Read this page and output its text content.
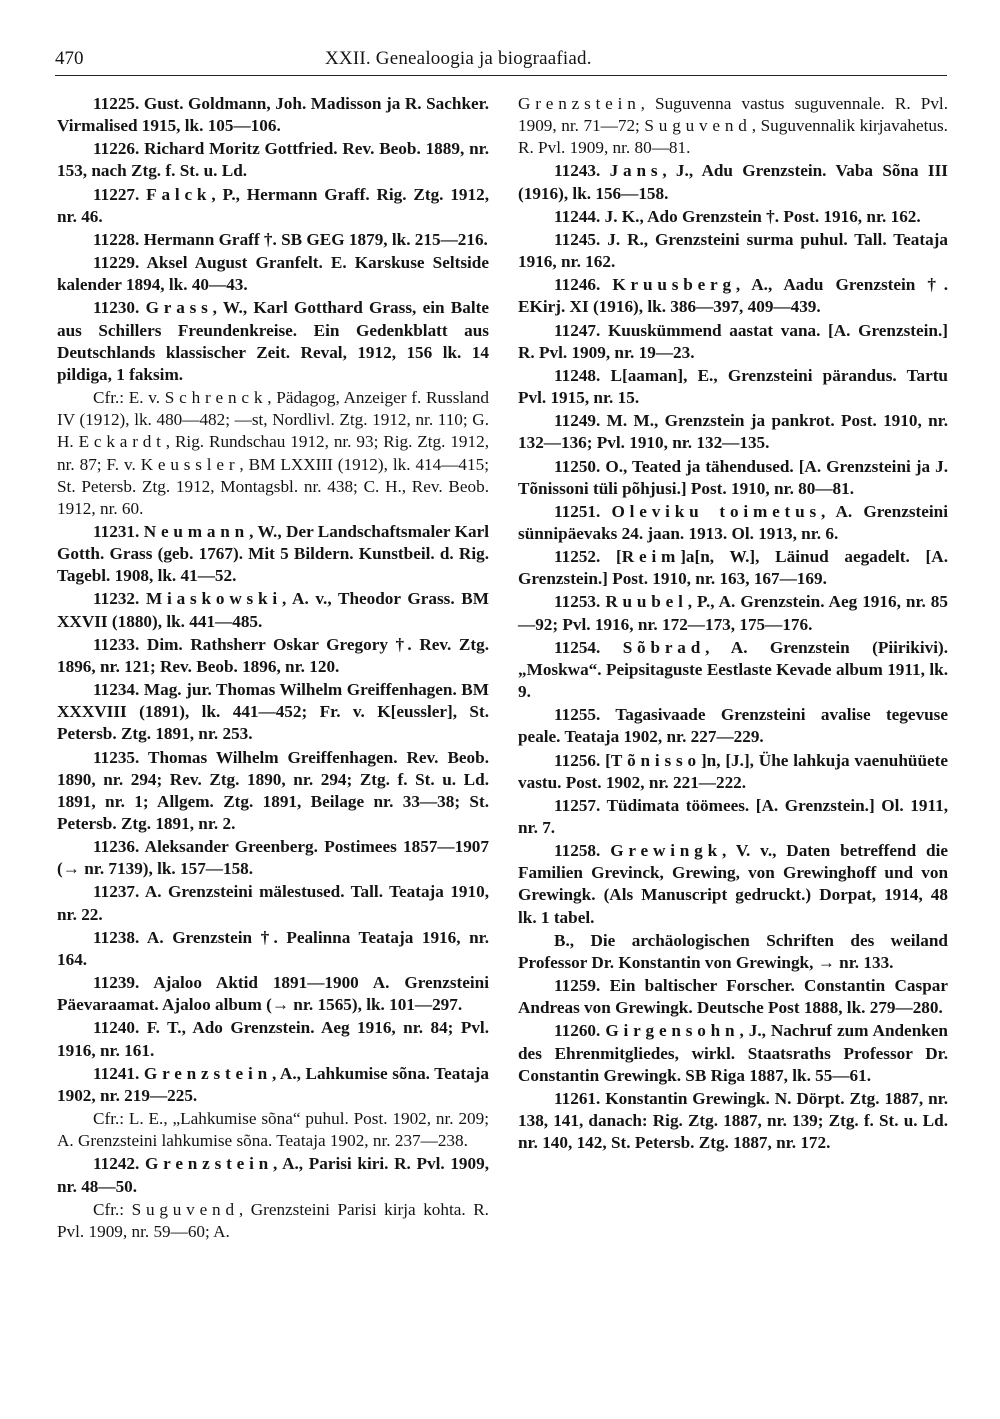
470	XXII. Genealoogia ja biograafiad.

11225. Gust. Goldmann, Joh. Madisson ja R. Sachker. Virmalised 1915, lk. 105—106.

11226. Richard Moritz Gottfried. Rev. Beob. 1889, nr. 153, nach Ztg. f. St. u. Ld.

11227. Falck, P., Hermann Graff. Rig. Ztg. 1912, nr. 46.

11228. Hermann Graff †. SB GEG 1879, lk. 215—216.

11229. Aksel August Granfelt. E. Karskuse Seltside kalender 1894, lk. 40—43.

11230. Grass, W., Karl Gotthard Grass, ein Balte aus Schillers Freundenkreise. Ein Gedenkblatt aus Deutschlands klassischer Zeit. Reval, 1912, 156 lk. 14 pildiga, 1 faksim.

Cfr.: E. v. Schrenck, Pädagog, Anzeiger f. Russland IV (1912), lk. 480—482; —st, Nordlivl. Ztg. 1912, nr. 110; G. H. Eckardt, Rig. Rundschau 1912, nr. 93; Rig. Ztg. 1912, nr. 87; F. v. Keussler, BM LXXIII (1912), lk. 414—415; St. Petersb. Ztg. 1912, Montagsbl. nr. 438; C. H., Rev. Beob. 1912, nr. 60.

11231. Neumann, W., Der Landschaftsmaler Karl Gotth. Grass (geb. 1767). Mit 5 Bildern. Kunstbeil. d. Rig. Tagebl. 1908, lk. 41—52.

11232. Miaskowski, A. v., Theodor Grass. BM XXVII (1880), lk. 441—485.

11233. Dim. Rathsherr Oskar Gregory †. Rev. Ztg. 1896, nr. 121; Rev. Beob. 1896, nr. 120.

11234. Mag. jur. Thomas Wilhelm Greiffenhagen. BM XXXVIII (1891), lk. 441—452; Fr. v. K[eussler], St. Petersb. Ztg. 1891, nr. 253.

11235. Thomas Wilhelm Greiffenhagen. Rev. Beob. 1890, nr. 294; Rev. Ztg. 1890, nr. 294; Ztg. f. St. u. Ld. 1891, nr. 1; Allgem. Ztg. 1891, Beilage nr. 33—38; St. Petersb. Ztg. 1891, nr. 2.

11236. Aleksander Greenberg. Postimees 1857—1907 (→ nr. 7139), lk. 157—158.

11237. A. Grenzsteini mälestused. Tall. Teataja 1910, nr. 22.

11238. A. Grenzstein †. Pealinna Teataja 1916, nr. 164.

11239. Ajaloo Aktid 1891—1900 A. Grenzsteini Päevaraamat. Ajaloo album (→ nr. 1565), lk. 101—297.

11240. F. T., Ado Grenzstein. Aeg 1916, nr. 84; Pvl. 1916, nr. 161.

11241. Grenzstein, A., Lahkumise sõna. Teataja 1902, nr. 219—225.

Cfr.: L. E., „Lahkumise sõna“ puhul. Post. 1902, nr. 209; A. Grenzsteini lahkumise sõna. Teataja 1902, nr. 237—238.

11242. Grenzstein, A., Parisi kiri. R. Pvl. 1909, nr. 48—50.

Cfr.: Suguvend, Grenzsteini Parisi kirja kohta. R. Pvl. 1909, nr. 59—60; A.

Grenzstein, Suguvenna vastus suguvennale. R. Pvl. 1909, nr. 71—72; Suguvend, Suguvennalik kirjavahetus. R. Pvl. 1909, nr. 80—81.

11243. Jans, J., Adu Grenzstein. Vaba Sõna III (1916), lk. 156—158.

11244. J. K., Ado Grenzstein †. Post. 1916, nr. 162.

11245. J. R., Grenzsteini surma puhul. Tall. Teataja 1916, nr. 162.

11246. Kruusberg, A., Aadu Grenzstein †. EKirj. XI (1916), lk. 386—397, 409—439.

11247. Kuuskümmend aastat vana. [A. Grenzstein.] R. Pvl. 1909, nr. 19—23.

11248. L[aaman], E., Grenzsteini pärandus. Tartu Pvl. 1915, nr. 15.

11249. M. M., Grenzstein ja pankrot. Post. 1910, nr. 132—136; Pvl. 1910, nr. 132—135.

11250. O., Teated ja tähendused. [A. Grenzsteini ja J. Tõnissoni tüli põhjusi.] Post. 1910, nr. 80—81.

11251. Oleviku toimetus, A. Grenzsteini sünnipäevaks 24. jaan. 1913. Ol. 1913, nr. 6.

11252. [Reim]a[n, W.], Läinud aegadelt. [A. Grenzstein.] Post. 1910, nr. 163, 167—169.

11253. Ruubel, P., A. Grenzstein. Aeg 1916, nr. 85—92; Pvl. 1916, nr. 172—173, 175—176.

11254. Sõbrad, A. Grenzstein (Piirikivi). „Moskwa“. Peipsitaguste Eestlaste Kevade album 1911, lk. 9.

11255. Tagasivaade Grenzsteini avalise tegevuse peale. Teataja 1902, nr. 227—229.

11256. [Tõnisso]n, [J.], Ühe lahkuja vaenuhüüete vastu. Post. 1902, nr. 221—222.

11257. Tüdimata töömees. [A. Grenzstein.] Ol. 1911, nr. 7.

11258. Grewingk, V. v., Daten betreffend die Familien Grevinck, Grewing, von Grewinghoff und von Grewingk. (Als Manuscript gedruckt.) Dorpat, 1914, 48 lk. 1 tabel.

B., Die archäologischen Schriften des weiland Professor Dr. Konstantin von Grewingk, → nr. 133.

11259. Ein baltischer Forscher. Constantin Caspar Andreas von Grewingk. Deutsche Post 1888, lk. 279—280.

11260. Girgensohn, J., Nachruf zum Andenken des Ehrenmitgliedes, wirkl. Staatsraths Professor Dr. Constantin Grewingk. SB Riga 1887, lk. 55—61.

11261. Konstantin Grewingk. N. Dörpt. Ztg. 1887, nr. 138, 141, danach: Rig. Ztg. 1887, nr. 139; Ztg. f. St. u. Ld. nr. 140, 142, St. Petersb. Ztg. 1887, nr. 172.
